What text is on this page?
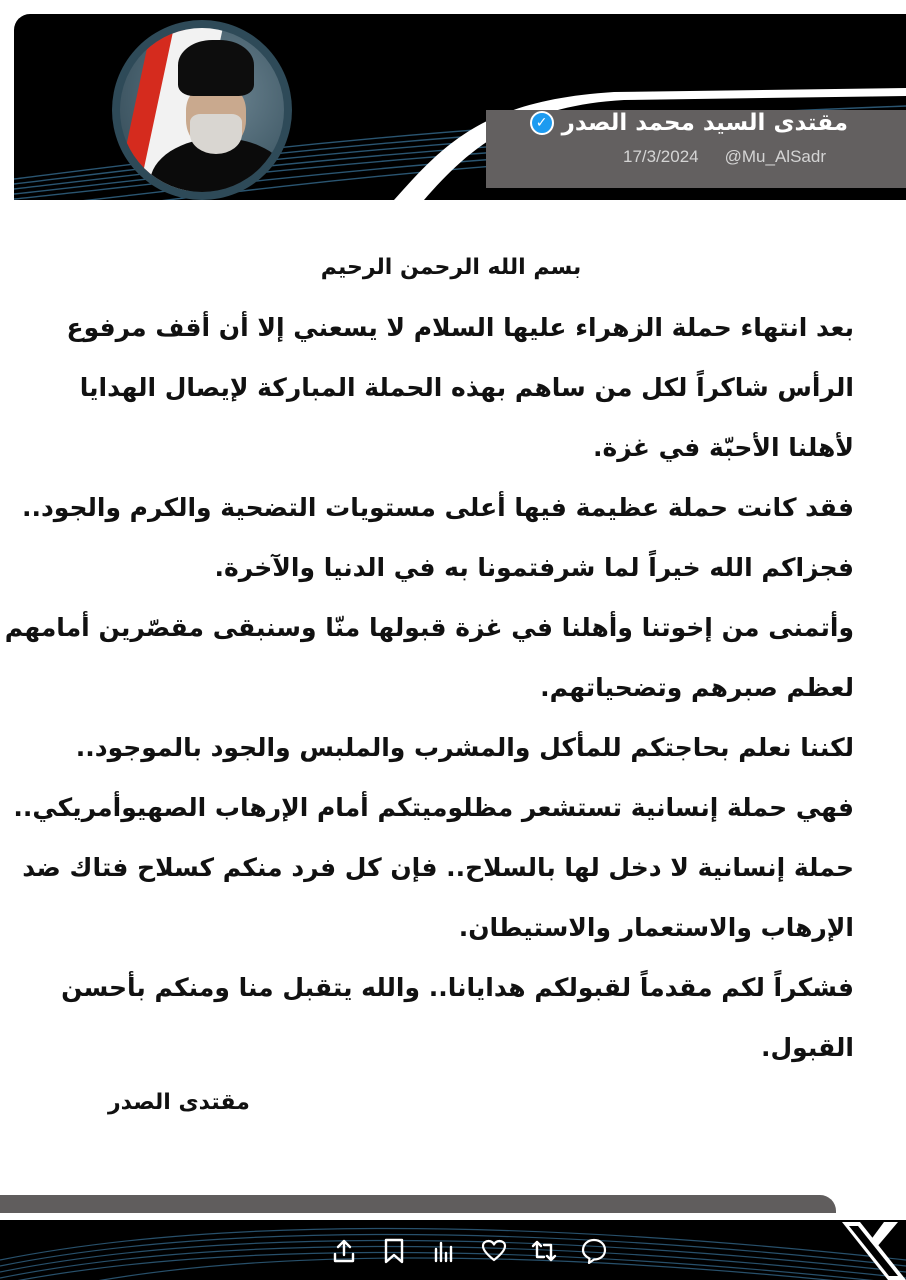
مقتدى السيد محمد الصدر
✓
17/3/2024 @Mu_AlSadr
بسم الله الرحمن الرحيم
بعد انتهاء حملة الزهراء عليها السلام لا يسعني إلا أن أقف مرفوع
الرأس شاكراً لكل من ساهم بهذه الحملة المباركة لإيصال الهدايا
لأهلنا الأحبّة في غزة.
فقد كانت حملة عظيمة فيها أعلى مستويات التضحية والكرم والجود..
فجزاكم الله خيراً لما شرفتمونا به في الدنيا والآخرة.
وأتمنى من إخوتنا وأهلنا في غزة قبولها منّا وسنبقى مقصّرين أمامهم
لعظم صبرهم وتضحياتهم.
لكننا نعلم بحاجتكم للمأكل والمشرب والملبس والجود بالموجود..
فهي حملة إنسانية تستشعر مظلوميتكم أمام الإرهاب الصهيوأمريكي..
حملة إنسانية لا دخل لها بالسلاح.. فإن كل فرد منكم كسلاح فتاك ضد
الإرهاب والاستعمار والاستيطان.
فشكراً لكم مقدماً لقبولكم هدايانا.. والله يتقبل منا ومنكم بأحسن
القبول.
مقتدى الصدر
